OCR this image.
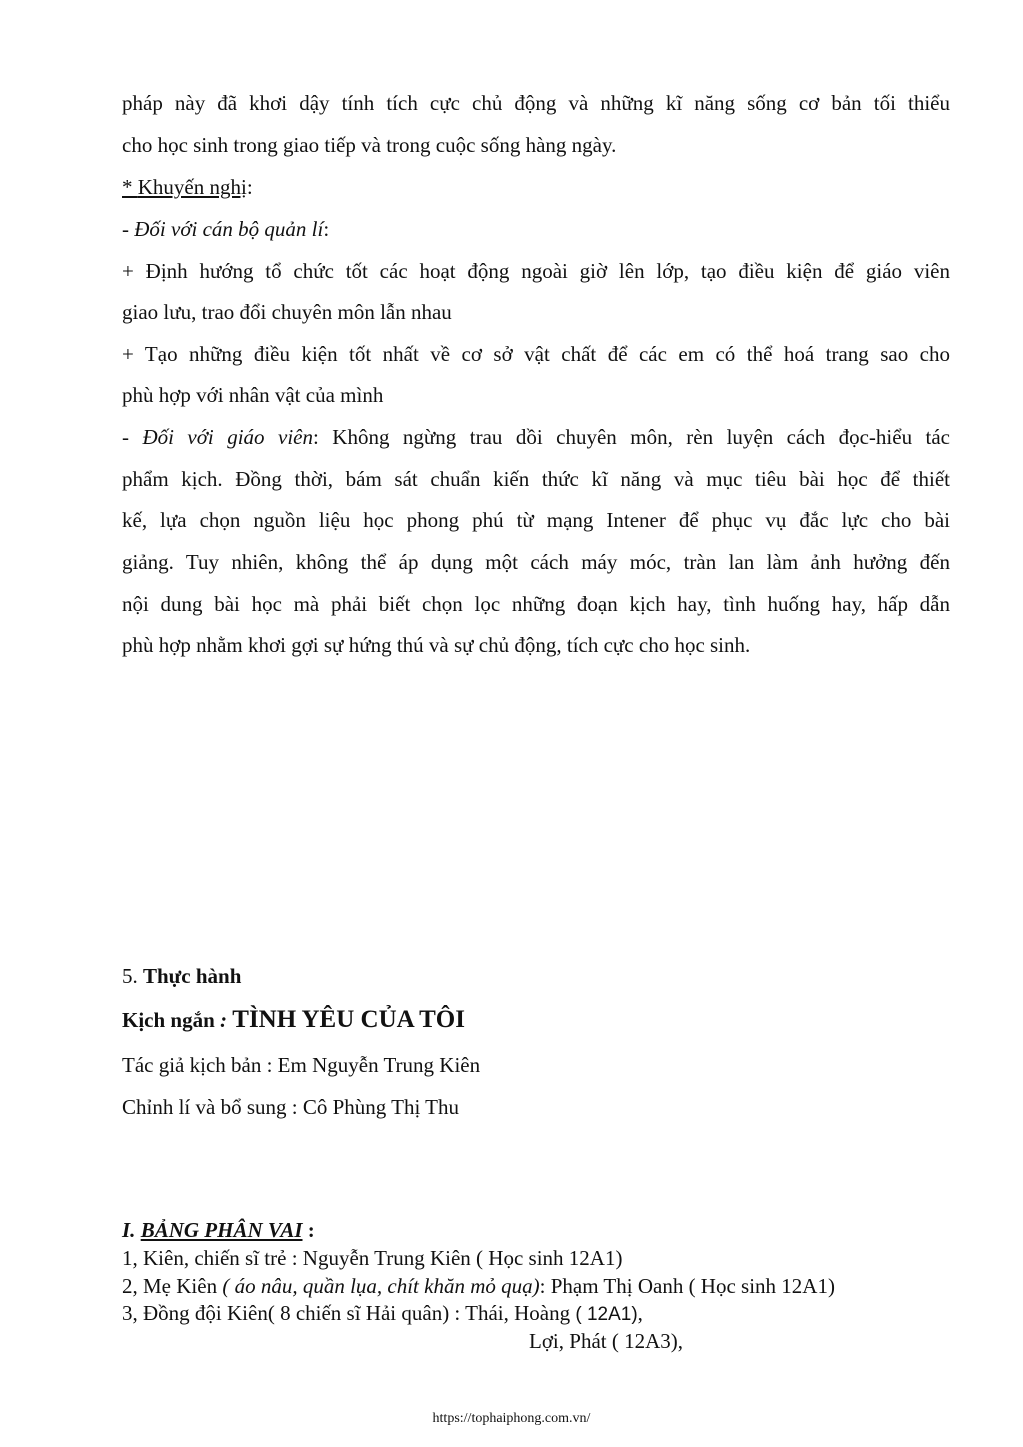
pháp này đã khơi dậy tính tích cực chủ động và những kĩ năng sống cơ bản tối thiểu
cho học sinh trong giao tiếp và trong cuộc sống hàng ngày.
* Khuyến nghị:
- Đối với cán bộ quản lí:
+ Định hướng tổ chức tốt các hoạt động ngoài giờ lên lớp, tạo điều kiện để giáo viên
giao lưu, trao đổi chuyên môn lẫn nhau
+ Tạo những điều kiện tốt nhất về cơ sở vật chất để các em có thể hoá trang sao cho
phù hợp với nhân vật của mình
- Đối với giáo viên: Không ngừng trau dồi chuyên môn, rèn luyện cách đọc-hiểu tác
phẩm kịch. Đồng thời, bám sát chuẩn kiến thức kĩ năng và mục tiêu bài học để thiết
kế, lựa chọn nguồn liệu học phong phú từ mạng Intener để phục vụ đắc lực cho bài
giảng. Tuy nhiên, không thể áp dụng một cách máy móc, tràn lan làm ảnh hưởng đến
nội dung bài học mà phải biết chọn lọc những đoạn kịch hay, tình huống hay, hấp dẫn
phù hợp nhằm khơi gợi sự hứng thú và sự chủ động, tích cực cho học sinh.
5. Thực hành
Kịch ngắn : TÌNH YÊU CỦA TÔI
Tác giả kịch bản : Em Nguyễn Trung Kiên
Chỉnh lí và bổ sung : Cô Phùng Thị Thu
I. BẢNG PHÂN VAI :
1, Kiên, chiến sĩ trẻ : Nguyễn Trung Kiên ( Học sinh 12A1)
2, Mẹ Kiên ( áo nâu, quần lụa, chít khăn mỏ quạ): Phạm Thị Oanh ( Học sinh 12A1)
3, Đồng đội Kiên( 8 chiến sĩ Hải quân) : Thái, Hoàng ( 12A1),
Lợi, Phát ( 12A3),
https://tophaiphong.com.vn/
